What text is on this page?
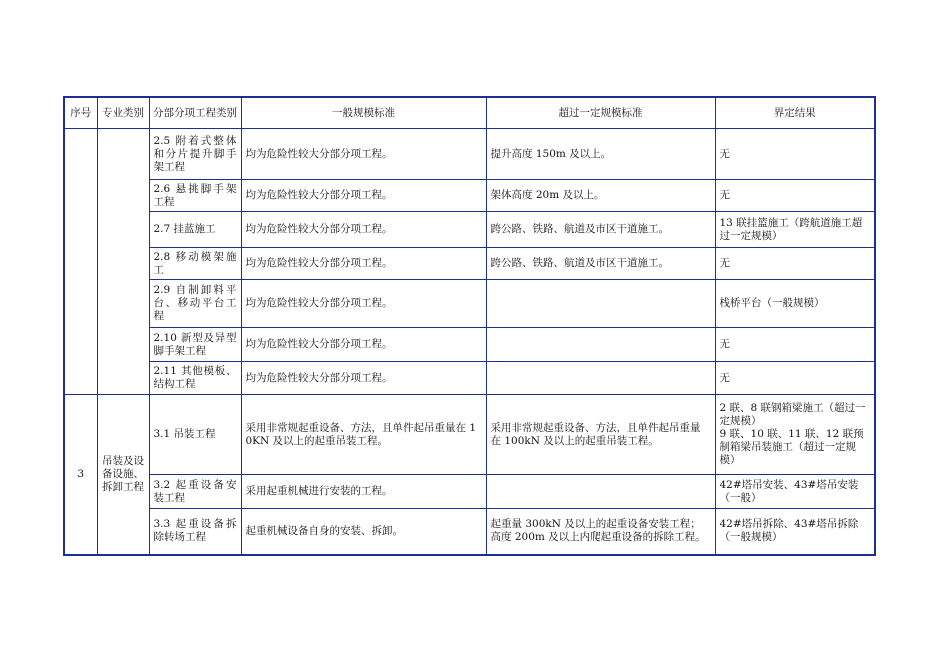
序号	专业类别	分部分项工程类别	一般规模标准	超过一定规模标准	界定结果
		2.5 附着式整体和分片提升脚手架工程	均为危险性较大分部分项工程。	提升高度 150m 及以上。	无
		2.6 悬挑脚手架工程	均为危险性较大分部分项工程。	架体高度 20m 及以上。	无
		2.7 挂蓝施工	均为危险性较大分部分项工程。	跨公路、铁路、航道及市区干道施工。	13 联挂篮施工（跨航道施工超过一定规模）
		2.8 移动模架施工	均为危险性较大分部分项工程。	跨公路、铁路、航道及市区干道施工。	无
		2.9 自制卸料平台、移动平台工程	均为危险性较大分部分项工程。		栈桥平台（一般规模）
		2.10 新型及异型脚手架工程	均为危险性较大分部分项工程。		无
		2.11 其他模板、结构工程	均为危险性较大分部分项工程。		无
3	吊装及设备设施、拆卸工程	3.1 吊装工程	采用非常规起重设备、方法，且单件起吊重量在 10KN 及以上的起重吊装工程。	采用非常规起重设备、方法，且单件起吊重量在 100kN 及以上的起重吊装工程。	2 联、8 联钢箱梁施工（超过一定规模）
9 联、10 联、11 联、12 联预制箱梁吊装施工（超过一定规模）

		3.2 起重设备安装工程	采用起重机械进行安装的工程。		42#塔吊安装、43#塔吊安装（一般）
		3.3 起重设备拆除转场工程	起重机械设备自身的安装、拆卸。	起重量 300kN 及以上的起重设备安装工程；
高度 200m 及以上内爬起重设备的拆除工程。	42#塔吊拆除、43#塔吊拆除（一般规模）
